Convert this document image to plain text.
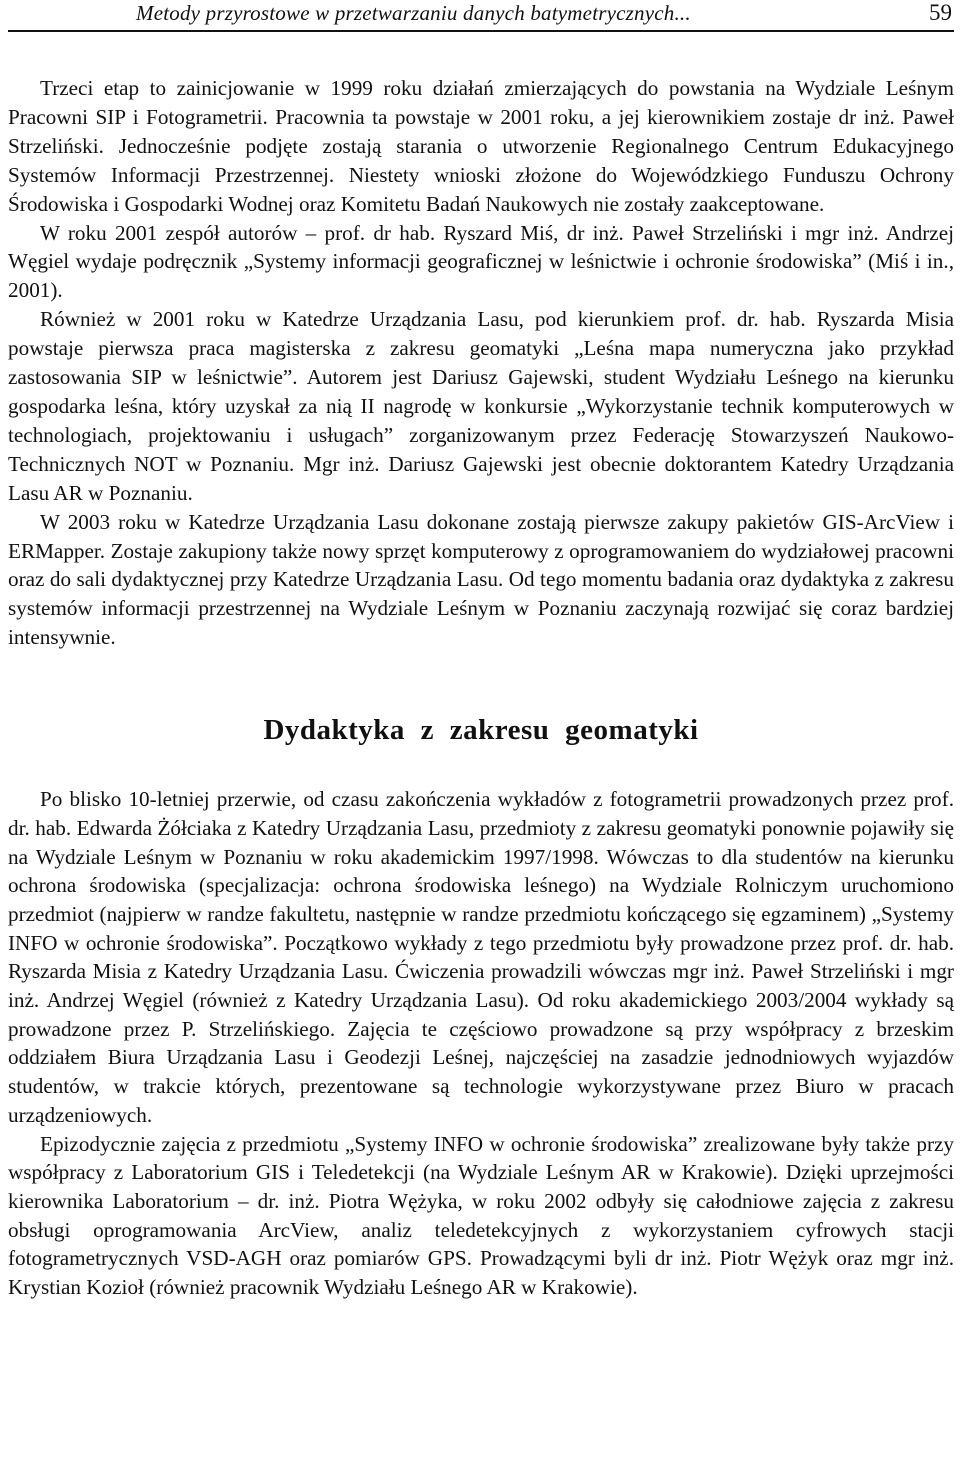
Metody przyrostowe w przetwarzaniu danych batymetrycznych...	59

Trzeci etap to zainicjowanie w 1999 roku działań zmierzających do powstania na Wydziale Leśnym Pracowni SIP i Fotogrametrii. Pracownia ta powstaje w 2001 roku, a jej kierownikiem zostaje dr inż. Paweł Strzeliński. Jednocześnie podjęte zostają starania o utworzenie Regionalnego Centrum Edukacyjnego Systemów Informacji Przestrzennej. Niestety wnioski złożone do Wojewódzkiego Funduszu Ochrony Środowiska i Gospodarki Wodnej oraz Komitetu Badań Naukowych nie zostały zaakceptowane.

W roku 2001 zespół autorów – prof. dr hab. Ryszard Miś, dr inż. Paweł Strzeliński i mgr inż. Andrzej Węgiel wydaje podręcznik „Systemy informacji geograficznej w leśnictwie i ochronie środowiska” (Miś i in., 2001).

Również w 2001 roku w Katedrze Urządzania Lasu, pod kierunkiem prof. dr. hab. Ryszarda Misia powstaje pierwsza praca magisterska z zakresu geomatyki „Leśna mapa numeryczna jako przykład zastosowania SIP w leśnictwie”. Autorem jest Dariusz Gajewski, student Wydziału Leśnego na kierunku gospodarka leśna, który uzyskał za nią II nagrodę w konkursie „Wykorzystanie technik komputerowych w technologiach, projektowaniu i usługach” zorganizowanym przez Federację Stowarzyszeń Naukowo-Technicznych NOT w Poznaniu. Mgr inż. Dariusz Gajewski jest obecnie doktorantem Katedry Urządzania Lasu AR w Poznaniu.

W 2003 roku w Katedrze Urządzania Lasu dokonane zostają pierwsze zakupy pakietów GIS-ArcView i ERMapper. Zostaje zakupiony także nowy sprzęt komputerowy z oprogramowaniem do wydziałowej pracowni oraz do sali dydaktycznej przy Katedrze Urządzania Lasu. Od tego momentu badania oraz dydaktyka z zakresu systemów informacji przestrzennej na Wydziale Leśnym w Poznaniu zaczynają rozwijać się coraz bardziej intensywnie.

Dydaktyka z zakresu geomatyki

Po blisko 10-letniej przerwie, od czasu zakończenia wykładów z fotogrametrii prowadzonych przez prof. dr. hab. Edwarda Żółciaka z Katedry Urządzania Lasu, przedmioty z zakresu geomatyki ponownie pojawiły się na Wydziale Leśnym w Poznaniu w roku akademickim 1997/1998. Wówczas to dla studentów na kierunku ochrona środowiska (specjalizacja: ochrona środowiska leśnego) na Wydziale Rolniczym uruchomiono przedmiot (najpierw w randze fakultetu, następnie w randze przedmiotu kończącego się egzaminem) „Systemy INFO w ochronie środowiska”. Początkowo wykłady z tego przedmiotu były prowadzone przez prof. dr. hab. Ryszarda Misia z Katedry Urządzania Lasu. Ćwiczenia prowadzili wówczas mgr inż. Paweł Strzeliński i mgr inż. Andrzej Węgiel (również z Katedry Urządzania Lasu). Od roku akademickiego 2003/2004 wykłady są prowadzone przez P. Strzelińskiego. Zajęcia te częściowo prowadzone są przy współpracy z brzeskim oddziałem Biura Urządzania Lasu i Geodezji Leśnej, najczęściej na zasadzie jednodniowych wyjazdów studentów, w trakcie których, prezentowane są technologie wykorzystywane przez Biuro w pracach urządzeniowych.

Epizodycznie zajęcia z przedmiotu „Systemy INFO w ochronie środowiska” zrealizowane były także przy współpracy z Laboratorium GIS i Teledetekcji (na Wydziale Leśnym AR w Krakowie). Dzięki uprzejmości kierownika Laboratorium – dr. inż. Piotra Wężyka, w roku 2002 odbyły się całodniowe zajęcia z zakresu obsługi oprogramowania ArcView, analiz teledetekcyjnych z wykorzystaniem cyfrowych stacji fotogrametrycznych VSD-AGH oraz pomiarów GPS. Prowadzącymi byli dr inż. Piotr Wężyk oraz mgr inż. Krystian Kozioł (również pracownik Wydziału Leśnego AR w Krakowie).
